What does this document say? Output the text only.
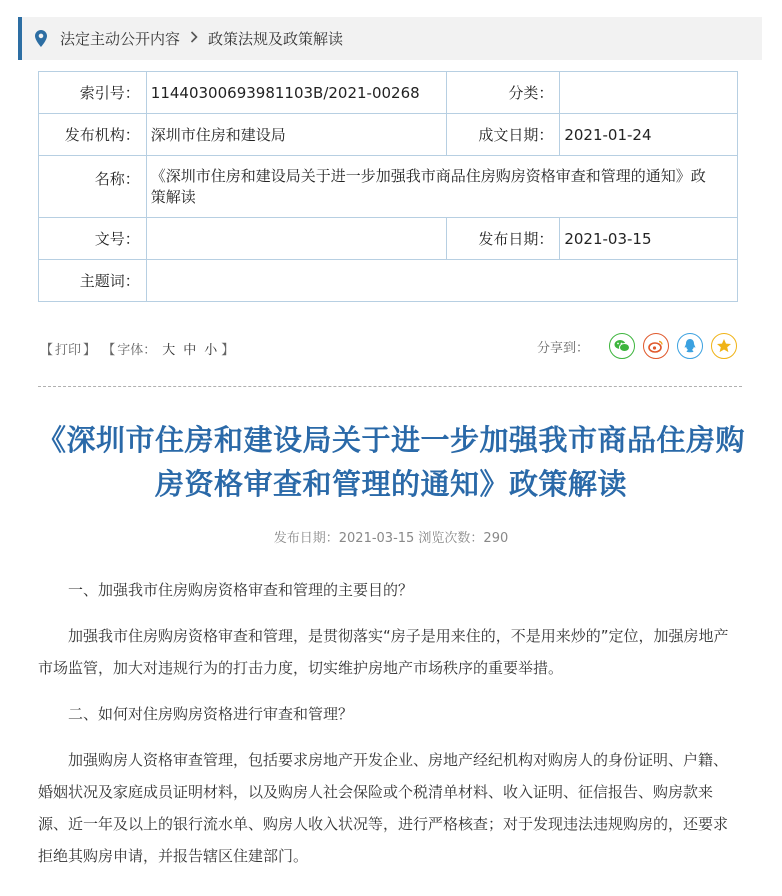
法定主动公开内容 政策法规及政策解读
索引号：	11440300693981103B/2021-00268	分类：	
发布机构：	深圳市住房和建设局	成文日期：	2021-01-24
名称：	《深圳市住房和建设局关于进一步加强我市商品住房购房资格审查和管理的通知》政策解读		
文号：		发布日期：	2021-03-15
主题词：			
【 打印 】 【 字体： 大 中 小 】	分享到：
《深圳市住房和建设局关于进一步加强我市商品住房购房资格审查和管理的通知》政策解读
发布日期：2021-03-15 浏览次数：290

一、加强我市住房购房资格审查和管理的主要目的？

加强我市住房购房资格审查和管理，是贯彻落实“房子是用来住的，不是用来炒的”定位，加强房地产市场监管，加大对违规行为的打击力度，切实维护房地产市场秩序的重要举措。

二、如何对住房购房资格进行审查和管理？

加强购房人资格审查管理，包括要求房地产开发企业、房地产经纪机构对购房人的身份证明、户籍、婚姻状况及家庭成员证明材料，以及购房人社会保险或个税清单材料、收入证明、征信报告、购房款来源、近一年及以上的银行流水单、购房人收入状况等，进行严格核查；对于发现违法违规购房的，还要求拒绝其购房申请，并报告辖区住建部门。
